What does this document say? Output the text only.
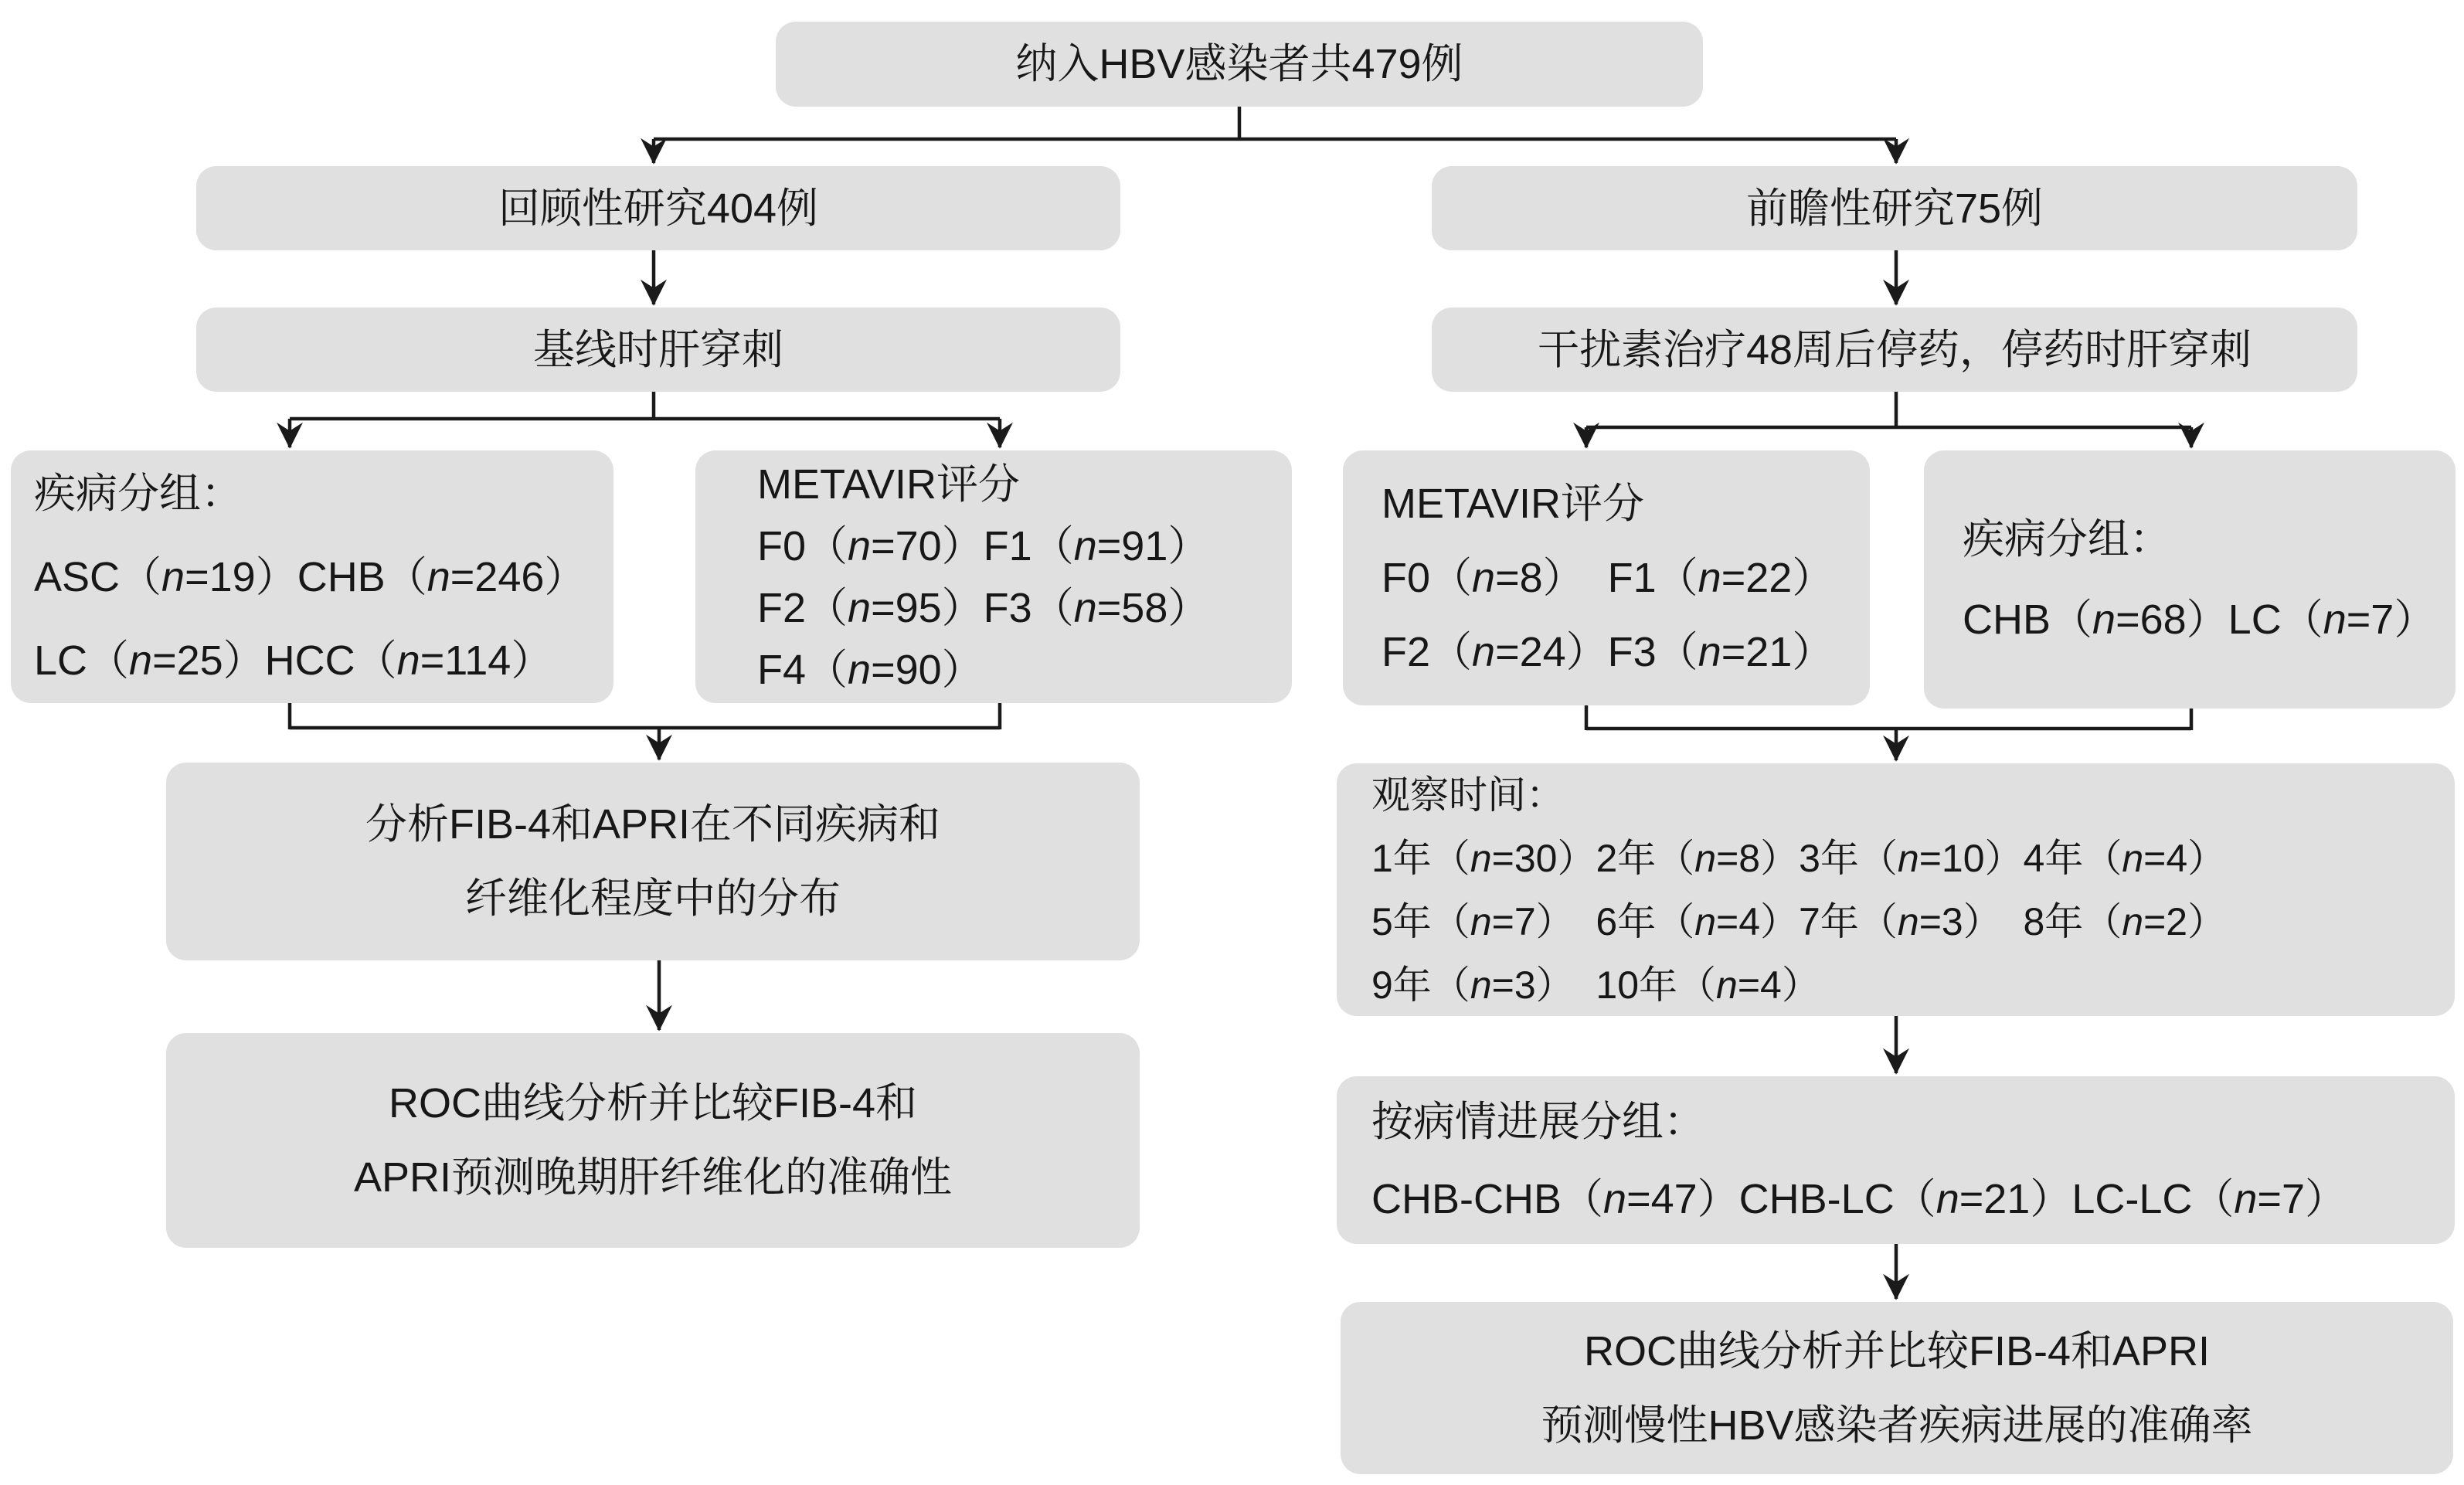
纳入HBV感染者共479例
回顾性研究404例	前瞻性研究75例
基线时肝穿刺	干扰素治疗48周后停药，停药时肝穿刺
疾病分组：
ASC（n=19）CHB（n=246）
LC（n=25）HCC（n=114）
METAVIR评分
F0（n=70）F1（n=91）
F2（n=95）F3（n=58）
F4（n=90）
METAVIR评分
F0（n=8）  F1（n=22）
F2（n=24）F3（n=21）
疾病分组：
CHB（n=68）LC（n=7）
分析FIB-4和APRI在不同疾病和
纤维化程度中的分布
ROC曲线分析并比较FIB-4和
APRI预测晚期肝纤维化的准确性
观察时间：
1年（n=30）2年（n=8）3年（n=10）4年（n=4）
5年（n=7）  6年（n=4）7年（n=3）  8年（n=2）
9年（n=3）  10年（n=4）
按病情进展分组：
CHB-CHB（n=47）CHB-LC（n=21）LC-LC（n=7）
ROC曲线分析并比较FIB-4和APRI
预测慢性HBV感染者疾病进展的准确率
